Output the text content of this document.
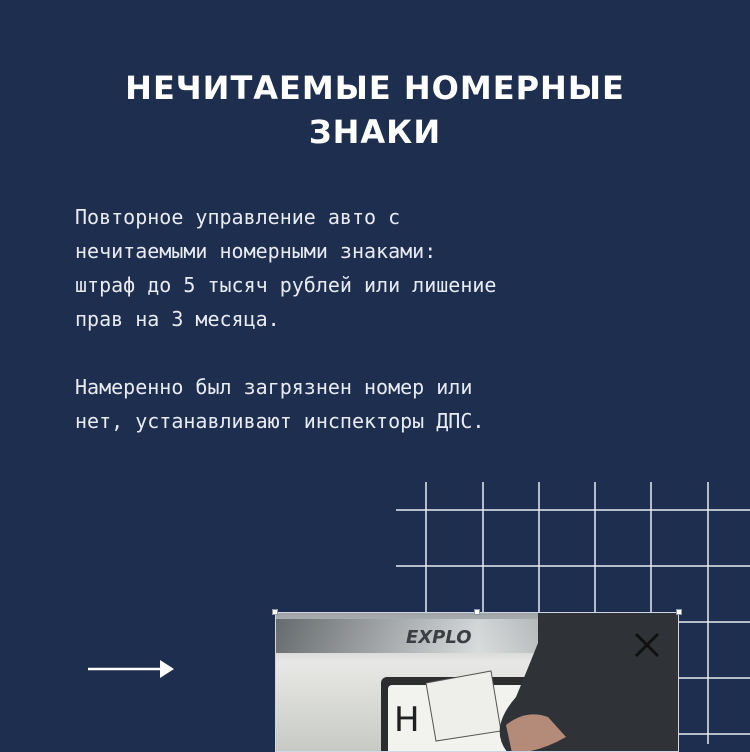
НЕЧИТАЕМЫЕ НОМЕРНЫЕ
ЗНАКИ

Повторное управление авто с
нечитаемыми номерными знаками:
штраф до 5 тысяч рублей или лишение
прав на 3 месяца.

Намеренно был загрязнен номер или
нет, устанавливают инспекторы ДПС.

EXPLO
Н
